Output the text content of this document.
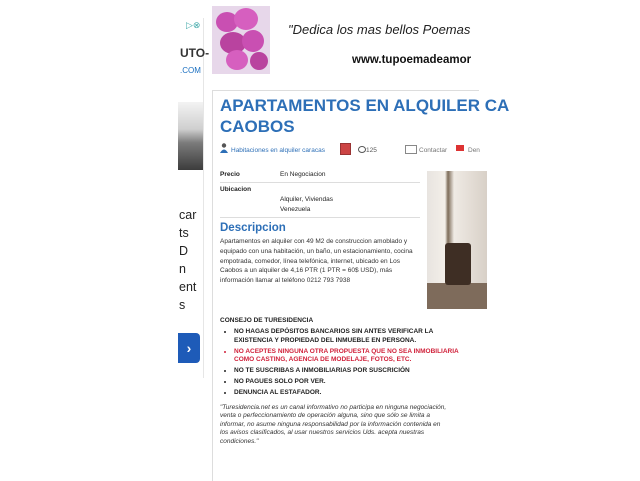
▷⊗
UTO-
.COM
car
ts
D
n
ent
s
›
"Dedica los mas bellos Poemas
www.tupoemadeamor
APARTAMENTOS EN ALQUILER CA
CAOBOS
Habitaciones en alquiler caracas	125	Contactar	Den
Precio	En Negociacion
Ubicacion
Alquiler, Viviendas
Venezuela
Descripcion
Apartamentos en alquiler con 49 M2 de construccion amoblado y equipado con una habitación, un baño, un estacionamiento, cocina empotrada, comedor, línea telefónica, internet, ubicado en Los Caobos a un alquiler de 4,16 PTR (1 PTR = 60$ USD), más información llamar al teléfono 0212 793 7938
CONSEJO DE TURESIDENCIA
• NO HAGAS DEPÓSITOS BANCARIOS SIN ANTES VERIFICAR LA EXISTENCIA Y PROPIEDAD DEL INMUEBLE EN PERSONA.
• NO ACEPTES NINGUNA OTRA PROPUESTA QUE NO SEA INMOBILIARIA COMO CASTING, AGENCIA DE MODELAJE, FOTOS, ETC.
• NO TE SUSCRIBAS A INMOBILIARIAS POR SUSCRICIÓN
• NO PAGUES SOLO POR VER.
• DENUNCIA AL ESTAFADOR.
"Turesidencia.net es un canal informativo no participa en ninguna negociación, venta o perfeccionamiento de operación alguna, sino que sólo se limita a informar, no asume ninguna responsabilidad por la información contenida en los avisos clasificados, al usar nuestros servicios Uds. acepta nuestras condiciones."
